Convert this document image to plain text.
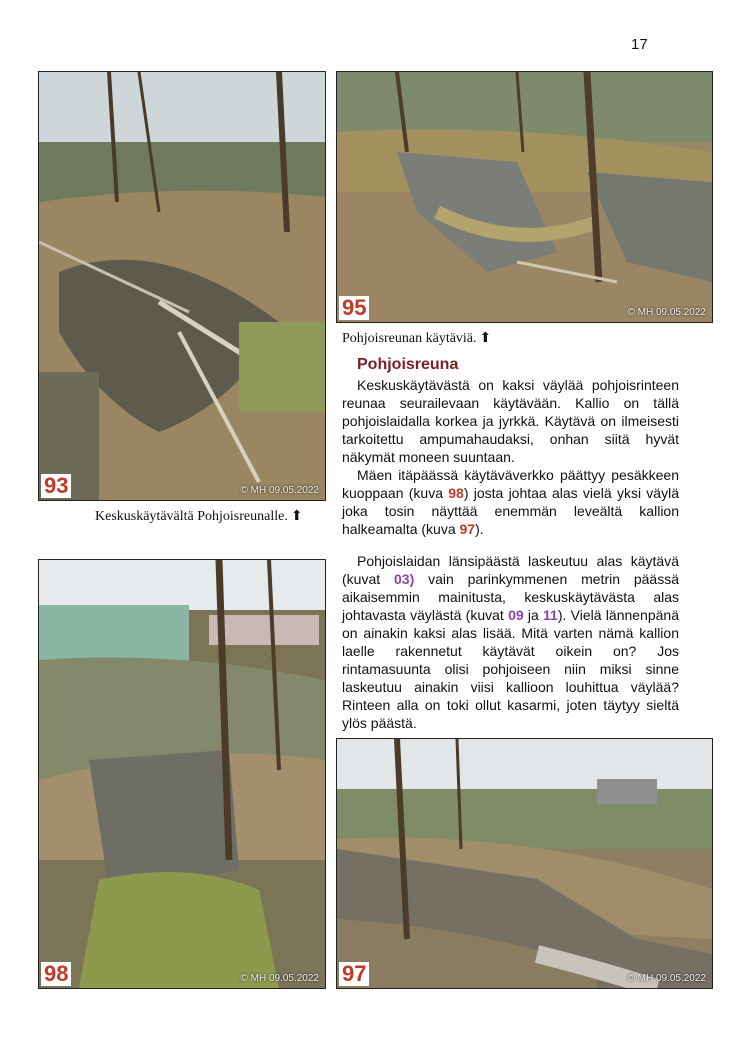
17
93	© MH 09.05.2022
95	© MH 09.05.2022
Pohjoisreunan käytäviä. ⬆
Pohjoisreuna

Keskuskäytävästä on kaksi väylää pohjoisrinteen reunaa seurailevaan käytävään. Kallio on tällä pohjoislaidalla korkea ja jyrkkä. Käytävä on ilmeisesti tarkoitettu ampumahaudaksi, onhan siitä hyvät näkymät moneen suuntaan.

Mäen itäpäässä käytäväverkko päättyy pesäkkeen kuoppaan (kuva 98) josta johtaa alas vielä yksi väylä joka tosin näyttää enemmän leveältä kallion halkeamalta (kuva 97).

Keskuskäytävältä Pohjoisreunalle. ⬆

Pohjoislaidan länsipäästä laskeutuu alas käytävä (kuvat 03) vain parinkymmenen metrin päässä aikaisemmin mainitusta, keskuskäytävästa alas johtavasta väylästä (kuvat 09 ja 11). Vielä lännenpänä on ainakin kaksi alas lisää. Mitä varten nämä kallion laelle rakennetut käytävät oikein on? Jos rintamasuunta olisi pohjoiseen niin miksi sinne laskeutuu ainakin viisi kallioon louhittua väylää? Rinteen alla on toki ollut kasarmi, joten täytyy sieltä ylös päästä.

98	© MH 09.05.2022 97	© MH 09.05.2022
